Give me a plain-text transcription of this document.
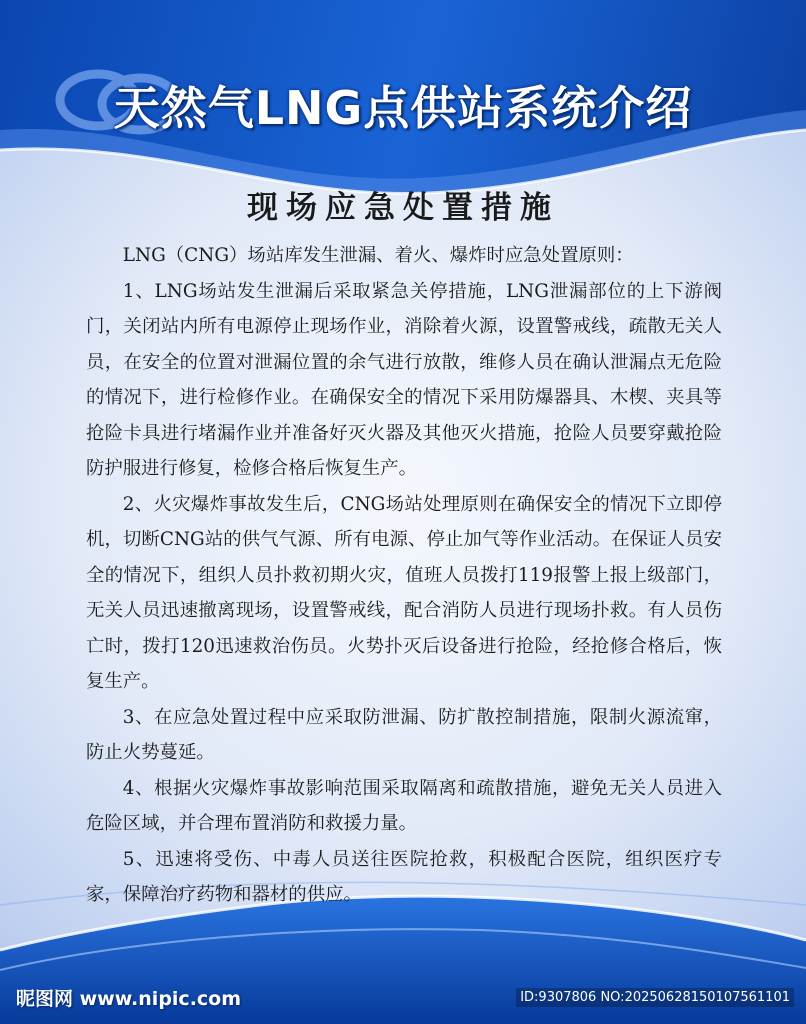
天然气LNG点供站系统介绍
现场应急处置措施

LNG（CNG）场站库发生泄漏、着火、爆炸时应急处置原则：

1、LNG场站发生泄漏后采取紧急关停措施，LNG泄漏部位的上下游阀门，关闭站内所有电源停止现场作业，消除着火源，设置警戒线，疏散无关人员，在安全的位置对泄漏位置的余气进行放散，维修人员在确认泄漏点无危险的情况下，进行检修作业。在确保安全的情况下采用防爆器具、木楔、夹具等抢险卡具进行堵漏作业并准备好灭火器及其他灭火措施，抢险人员要穿戴抢险防护服进行修复，检修合格后恢复生产。

2、火灾爆炸事故发生后，CNG场站处理原则在确保安全的情况下立即停机，切断CNG站的供气气源、所有电源、停止加气等作业活动。在保证人员安全的情况下，组织人员扑救初期火灾，值班人员拨打119报警上报上级部门，无关人员迅速撤离现场，设置警戒线，配合消防人员进行现场扑救。有人员伤亡时，拨打120迅速救治伤员。火势扑灭后设备进行抢险，经抢修合格后，恢复生产。

3、在应急处置过程中应采取防泄漏、防扩散控制措施，限制火源流窜，防止火势蔓延。

4、根据火灾爆炸事故影响范围采取隔离和疏散措施，避免无关人员进入危险区域，并合理布置消防和救援力量。

5、迅速将受伤、中毒人员送往医院抢救，积极配合医院，组织医疗专家，保障治疗药物和器材的供应。

昵图网 www.nipic.com	ID:9307806 NO:20250628150107561101
